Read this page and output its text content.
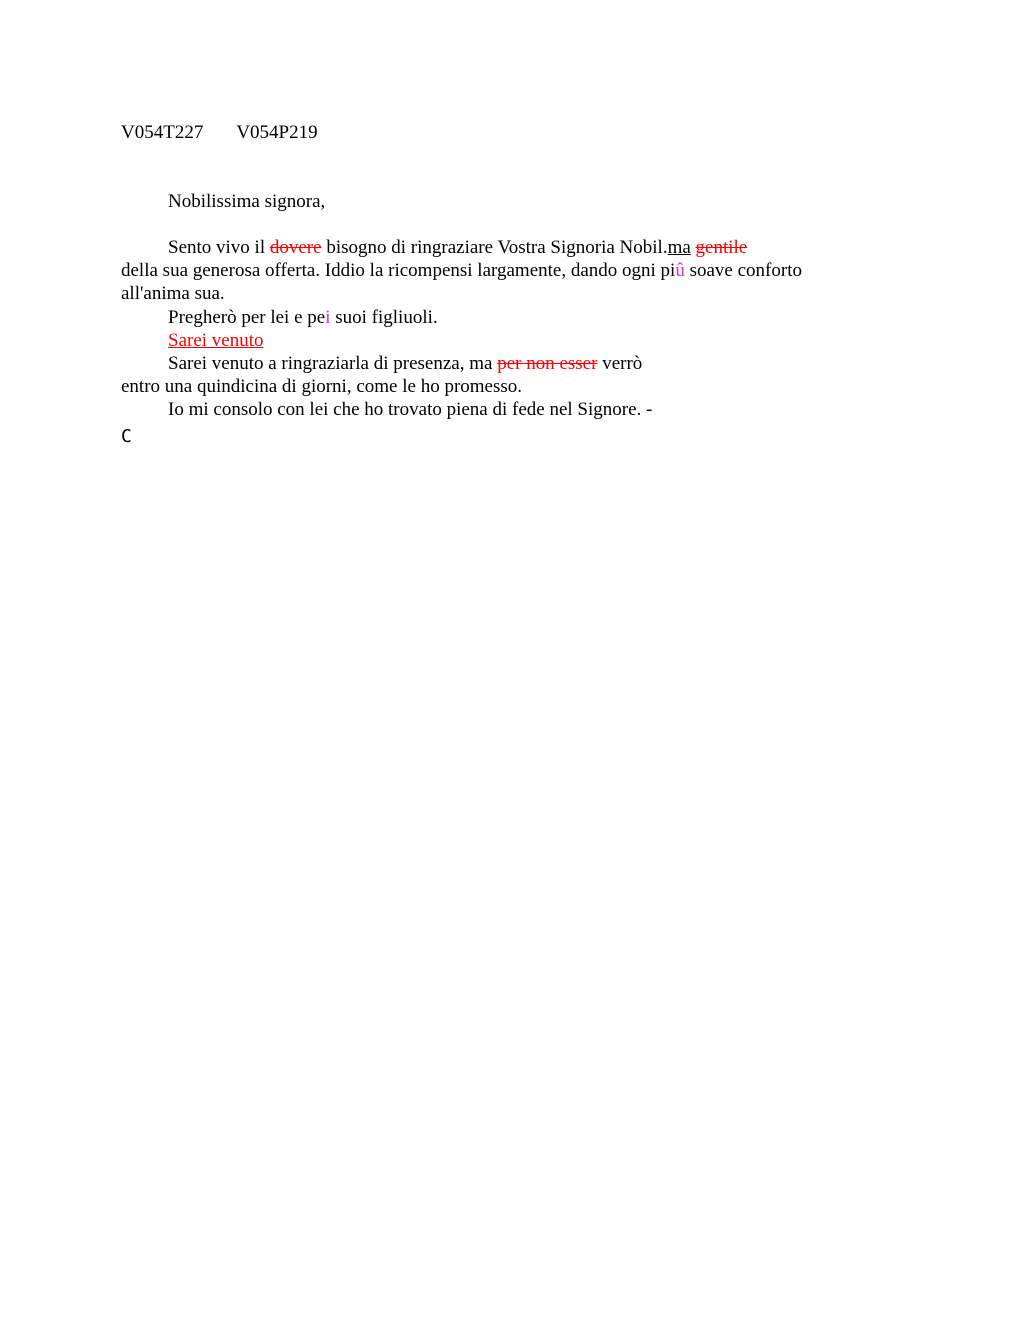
V054T227 V054P219
Nobilissima signora,
Sento vivo il dovere bisogno di ringraziare Vostra Signoria Nobil.ma gentile
della sua generosa offerta. Iddio la ricompensi largamente, dando ogni piû soave conforto
all'anima sua.
Pregherò per lei e pei suoi figliuoli.
Sarei venuto
Sarei venuto a ringraziarla di presenza, ma per non esser verrò
entro una quindicina di giorni, come le ho promesso.
Io mi consolo con lei che ho trovato piena di fede nel Signore. -
C
